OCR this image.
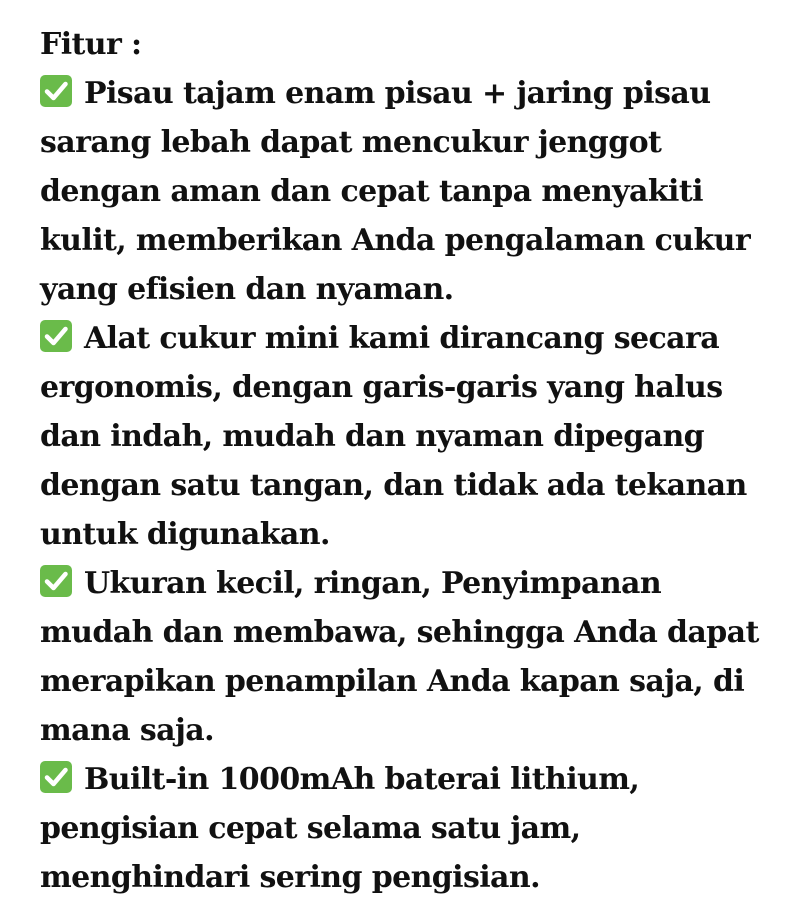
Fitur :
Pisau tajam enam pisau + jaring pisau sarang lebah dapat mencukur jenggot dengan aman dan cepat tanpa menyakiti kulit, memberikan Anda pengalaman cukur yang efisien dan nyaman.
Alat cukur mini kami dirancang secara ergonomis, dengan garis-garis yang halus dan indah, mudah dan nyaman dipegang dengan satu tangan, dan tidak ada tekanan untuk digunakan.
Ukuran kecil, ringan, Penyimpanan mudah dan membawa, sehingga Anda dapat merapikan penampilan Anda kapan saja, di mana saja.
Built-in 1000mAh baterai lithium, pengisian cepat selama satu jam, menghindari sering pengisian.
